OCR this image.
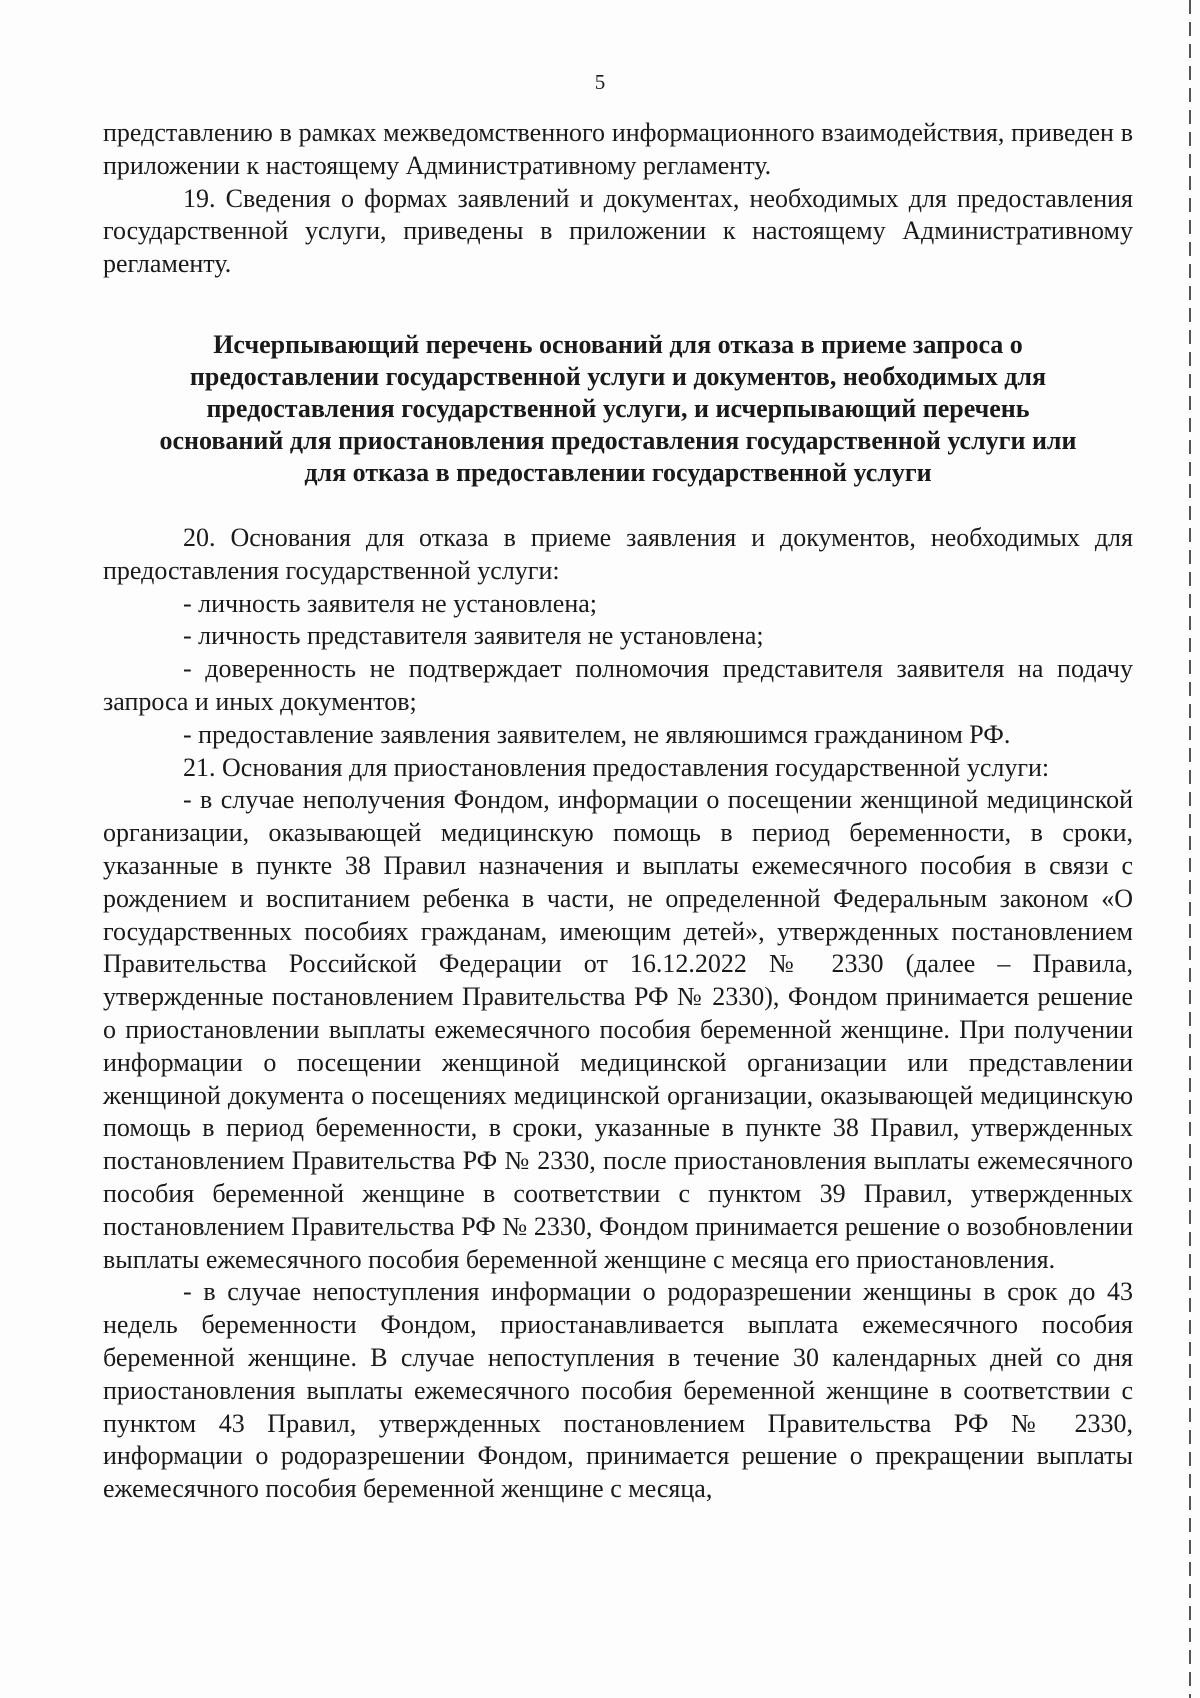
5

представлению в рамках межведомственного информационного взаимодействия, приведен в приложении к настоящему Административному регламенту.

19. Сведения о формах заявлений и документах, необходимых для предоставления государственной услуги, приведены в приложении к настоящему Административному регламенту.

Исчерпывающий перечень оснований для отказа в приеме запроса о
предоставлении государственной услуги и документов, необходимых для
предоставления государственной услуги, и исчерпывающий перечень
оснований для приостановления предоставления государственной услуги или
для отказа в предоставлении государственной услуги

20. Основания для отказа в приеме заявления и документов, необходимых для предоставления государственной услуги:

- личность заявителя не установлена;

- личность представителя заявителя не установлена;

- доверенность не подтверждает полномочия представителя заявителя на подачу запроса и иных документов;

- предоставление заявления заявителем, не являюшимся гражданином РФ.

21. Основания для приостановления предоставления государственной услуги:

- в случае неполучения Фондом, информации о посещении женщиной медицинской организации, оказывающей медицинскую помощь в период беременности, в сроки, указанные в пункте 38 Правил назначения и выплаты ежемесячного пособия в связи с рождением и воспитанием ребенка в части, не определенной Федеральным законом «О государственных пособиях гражданам, имеющим детей», утвержденных постановлением Правительства Российской Федерации от 16.12.2022 № 2330 (далее – Правила, утвержденные постановлением Правительства РФ № 2330), Фондом принимается решение о приостановлении выплаты ежемесячного пособия беременной женщине. При получении информации о посещении женщиной медицинской организации или представлении женщиной документа о посещениях медицинской организации, оказывающей медицинскую помощь в период беременности, в сроки, указанные в пункте 38 Правил, утвержденных постановлением Правительства РФ № 2330, после приостановления выплаты ежемесячного пособия беременной женщине в соответствии с пунктом 39 Правил, утвержденных постановлением Правительства РФ № 2330, Фондом принимается решение о возобновлении выплаты ежемесячного пособия беременной женщине с месяца его приостановления.

- в случае непоступления информации о родоразрешении женщины в срок до 43 недель беременности Фондом, приостанавливается выплата ежемесячного пособия беременной женщине. В случае непоступления в течение 30 календарных дней со дня приостановления выплаты ежемесячного пособия беременной женщине в соответствии с пунктом 43 Правил, утвержденных постановлением Правительства РФ № 2330, информации о родоразрешении Фондом, принимается решение о прекращении выплаты ежемесячного пособия беременной женщине с месяца,
